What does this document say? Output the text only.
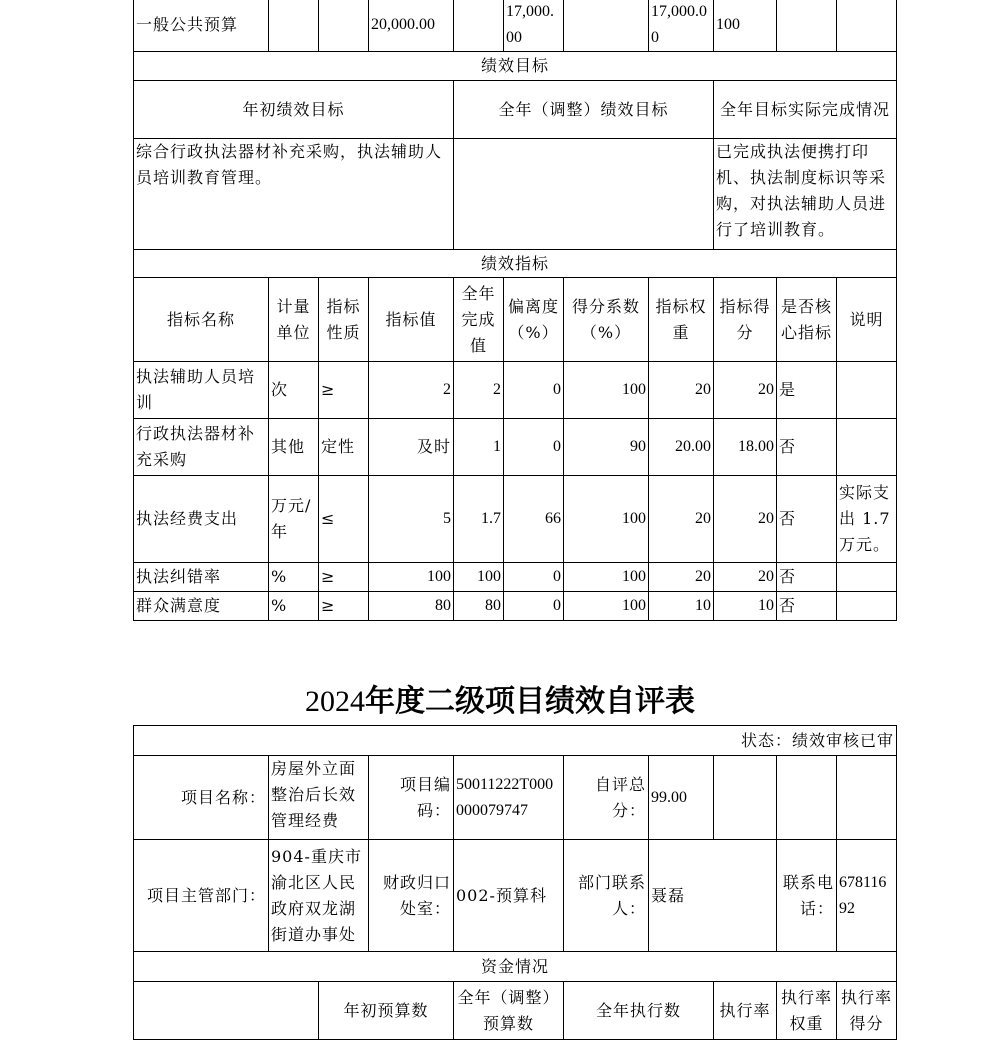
一般公共预算			20,000.00		17,000.00		17,000.00	100		
绩效目标										
年初绩效目标				全年（调整）绩效目标				全年目标实际完成情况		
综合行政执法器材补充采购，执法辅助人员培训教育管理。								已完成执法便携打印机、执法制度标识等采购，对执法辅助人员进行了培训教育。		
绩效指标										
指标名称	计量单位	指标性质	指标值	全年完成值	偏离度（%）	得分系数（%）	指标权重	指标得分	是否核心指标	说明
执法辅助人员培训	次	≥	2	2	0	100	20	20	是	
行政执法器材补充采购	其他	定性	及时	1	0	90	20.00	18.00	否	
执法经费支出	万元/年	≤	5	1.7	66	100	20	20	否	实际支出 1.7 万元。
执法纠错率	%	≥	100	100	0	100	20	20	否	
群众满意度	%	≥	80	80	0	100	10	10	否	
2024年度二级项目绩效自评表
状态：绩效审核已审									
项目名称：	房屋外立面整治后长效管理经费		项目编码：	50011222T000000079747	自评总分：	99.00			
项目主管部门：	904-重庆市渝北区人民政府双龙湖街道办事处		财政归口处室：	002-预算科	部门联系人：	聂磊		联系电话：	67811692
资金情况									
		年初预算数		全年（调整）预算数	全年执行数		执行率	执行率权重	执行率得分
